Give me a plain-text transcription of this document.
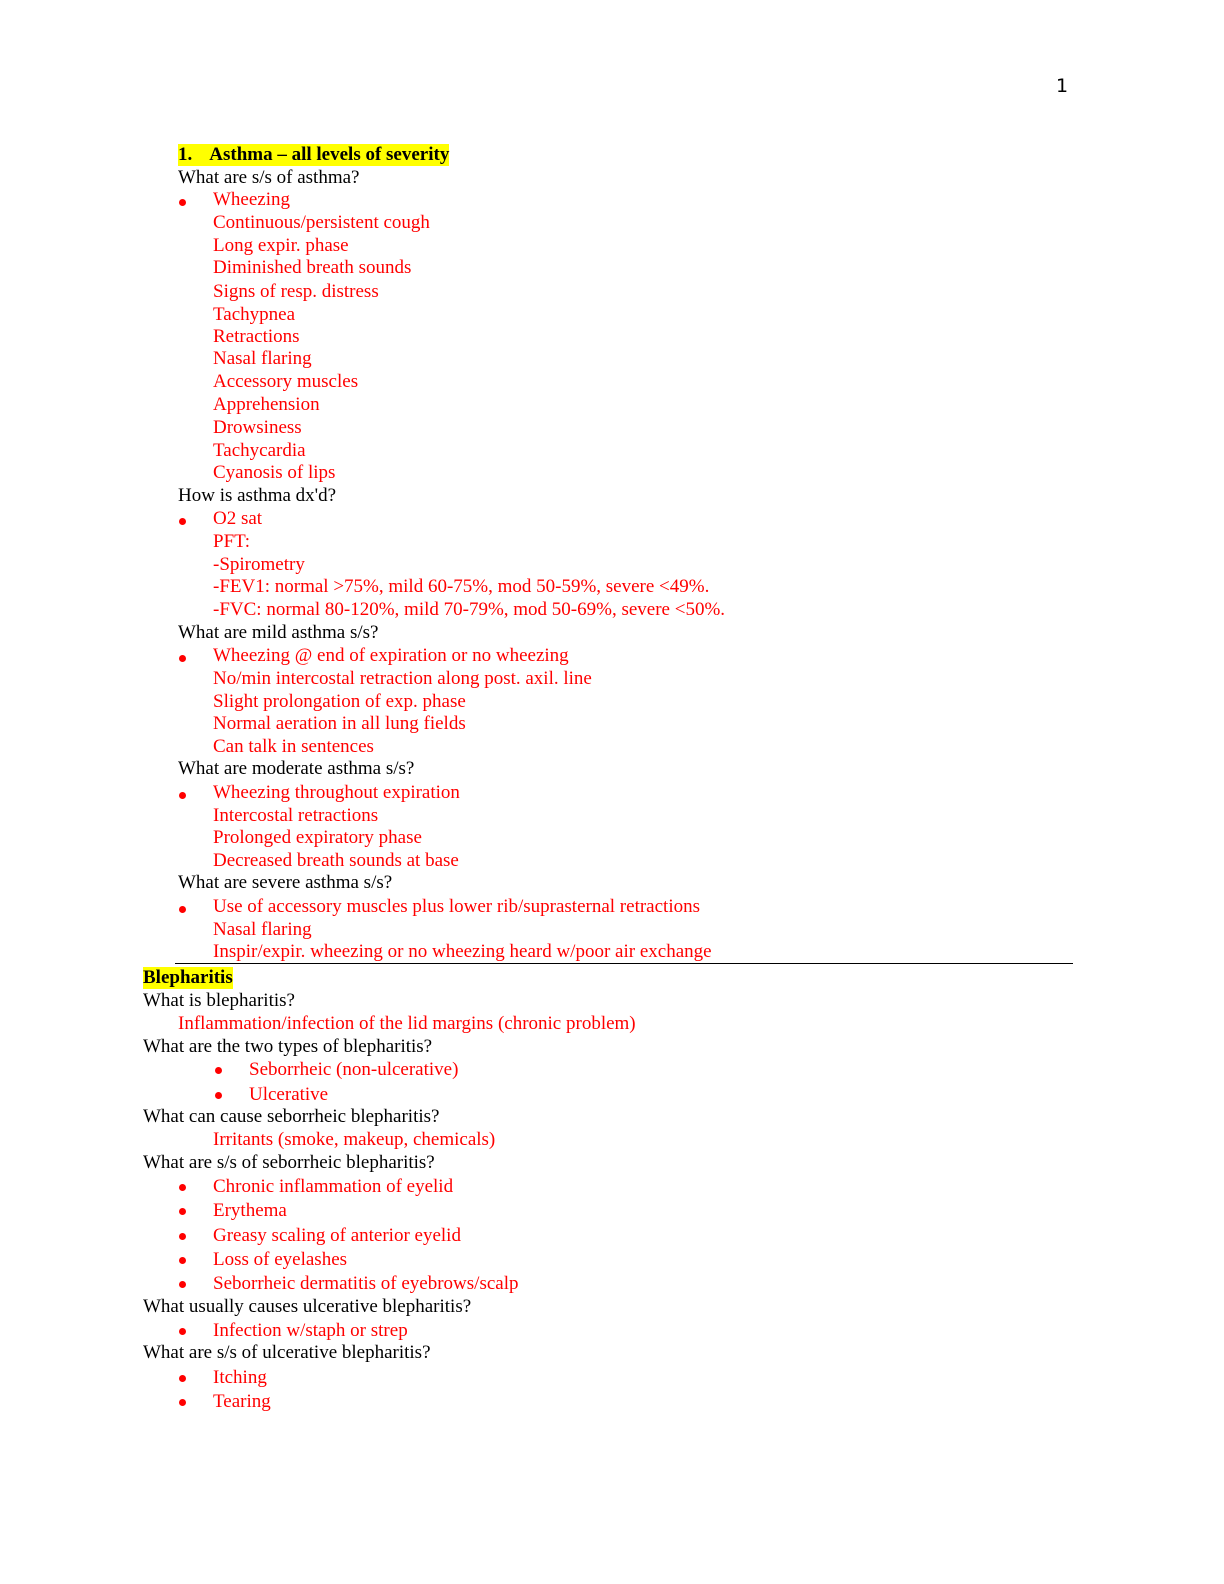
1
1. Asthma – all levels of severity
What are s/s of asthma?
Wheezing
Continuous/persistent cough
Long expir. phase
Diminished breath sounds
Signs of resp. distress
Tachypnea
Retractions
Nasal flaring
Accessory muscles
Apprehension
Drowsiness
Tachycardia
Cyanosis of lips
How is asthma dx'd?
O2 sat
PFT:
-Spirometry
-FEV1: normal >75%, mild 60-75%, mod 50-59%, severe <49%.
-FVC: normal 80-120%, mild 70-79%, mod 50-69%, severe <50%.
What are mild asthma s/s?
Wheezing @ end of expiration or no wheezing
No/min intercostal retraction along post. axil. line
Slight prolongation of exp. phase
Normal aeration in all lung fields
Can talk in sentences
What are moderate asthma s/s?
Wheezing throughout expiration
Intercostal retractions
Prolonged expiratory phase
Decreased breath sounds at base
What are severe asthma s/s?
Use of accessory muscles plus lower rib/suprasternal retractions
Nasal flaring
Inspir/expir. wheezing or no wheezing heard w/poor air exchange
Blepharitis
What is blepharitis?
Inflammation/infection of the lid margins (chronic problem)
What are the two types of blepharitis?
Seborrheic (non-ulcerative)
Ulcerative
What can cause seborrheic blepharitis?
Irritants (smoke, makeup, chemicals)
What are s/s of seborrheic blepharitis?
Chronic inflammation of eyelid
Erythema
Greasy scaling of anterior eyelid
Loss of eyelashes
Seborrheic dermatitis of eyebrows/scalp
What usually causes ulcerative blepharitis?
Infection w/staph or strep
What are s/s of ulcerative blepharitis?
Itching
Tearing
